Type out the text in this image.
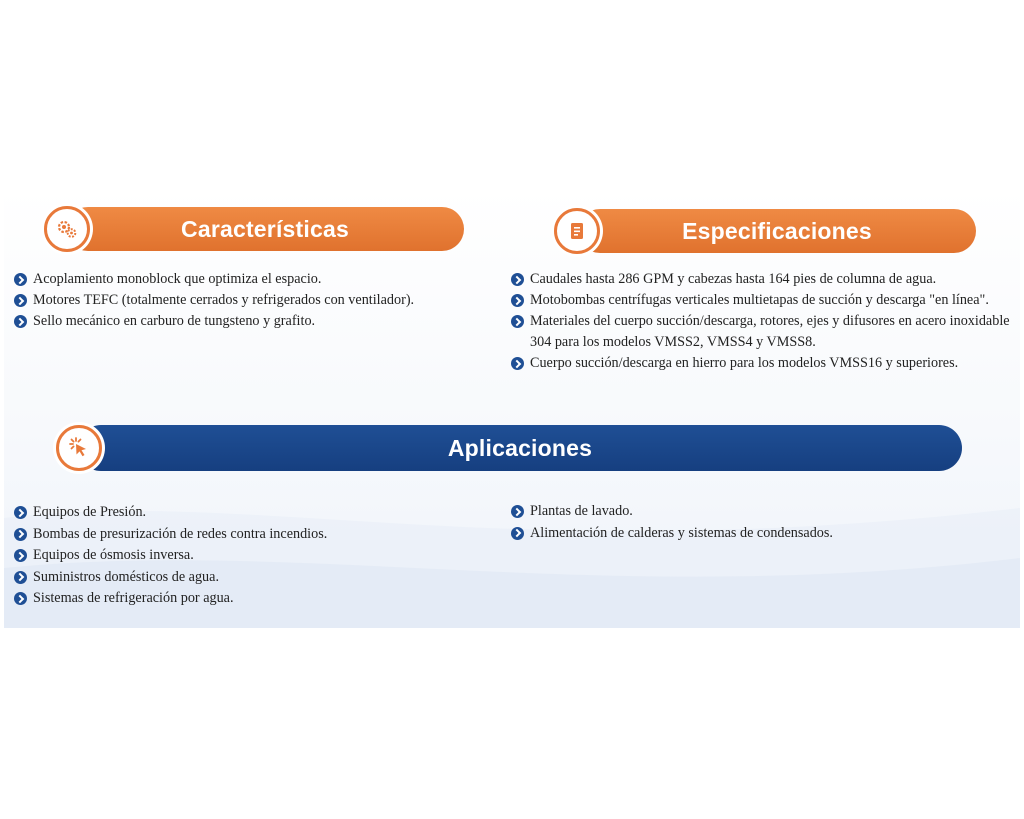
Características
Acoplamiento monoblock que optimiza el espacio.
Motores TEFC (totalmente cerrados y refrigerados con ventilador).
Sello mecánico en carburo de tungsteno y grafito.
Especificaciones
Caudales hasta 286 GPM y cabezas hasta 164 pies de columna de agua.
Motobombas centrífugas verticales multietapas de succión y descarga "en línea".
Materiales del cuerpo succión/descarga, rotores, ejes y difusores en acero inoxidable 304 para los modelos VMSS2, VMSS4 y VMSS8.
Cuerpo succión/descarga en hierro para los modelos VMSS16 y superiores.
Aplicaciones
Equipos de Presión.
Bombas de presurización de redes contra incendios.
Equipos de ósmosis inversa.
Suministros domésticos de agua.
Sistemas de refrigeración por agua.
Plantas de lavado.
Alimentación de calderas y sistemas de condensados.
